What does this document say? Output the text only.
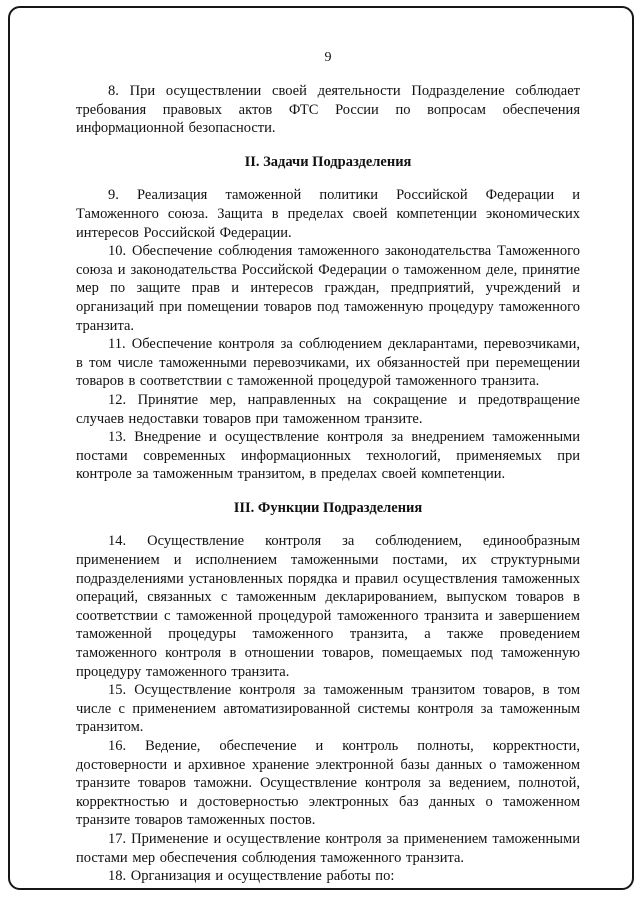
9

8. При осуществлении своей деятельности Подразделение соблюдает требования правовых актов ФТС России по вопросам обеспечения информационной безопасности.

II. Задачи Подразделения

9. Реализация таможенной политики Российской Федерации и Таможенного союза. Защита в пределах своей компетенции экономических интересов Российской Федерации.

10. Обеспечение соблюдения таможенного законодательства Таможенного союза и законодательства Российской Федерации о таможенном деле, принятие мер по защите прав и интересов граждан, предприятий, учреждений и организаций при помещении товаров под таможенную процедуру таможенного транзита.

11. Обеспечение контроля за соблюдением декларантами, перевозчиками, в том числе таможенными перевозчиками, их обязанностей при перемещении товаров в соответствии с таможенной процедурой таможенного транзита.

12. Принятие мер, направленных на сокращение и предотвращение случаев недоставки товаров при таможенном транзите.

13. Внедрение и осуществление контроля за внедрением таможенными постами современных информационных технологий, применяемых при контроле за таможенным транзитом, в пределах своей компетенции.

III. Функции Подразделения

14. Осуществление контроля за соблюдением, единообразным применением и исполнением таможенными постами, их структурными подразделениями установленных порядка и правил осуществления таможенных операций, связанных с таможенным декларированием, выпуском товаров в соответствии с таможенной процедурой таможенного транзита и завершением таможенной процедуры таможенного транзита, а также проведением таможенного контроля в отношении товаров, помещаемых под таможенную процедуру таможенного транзита.

15. Осуществление контроля за таможенным транзитом товаров, в том числе с применением автоматизированной системы контроля за таможенным транзитом.

16. Ведение, обеспечение и контроль полноты, корректности, достоверности и архивное хранение электронной базы данных о таможенном транзите товаров таможни. Осуществление контроля за ведением, полнотой, корректностью и достоверностью электронных баз данных о таможенном транзите товаров таможенных постов.

17. Применение и осуществление контроля за применением таможенными постами мер обеспечения соблюдения таможенного транзита.

18. Организация и осуществление работы по:
